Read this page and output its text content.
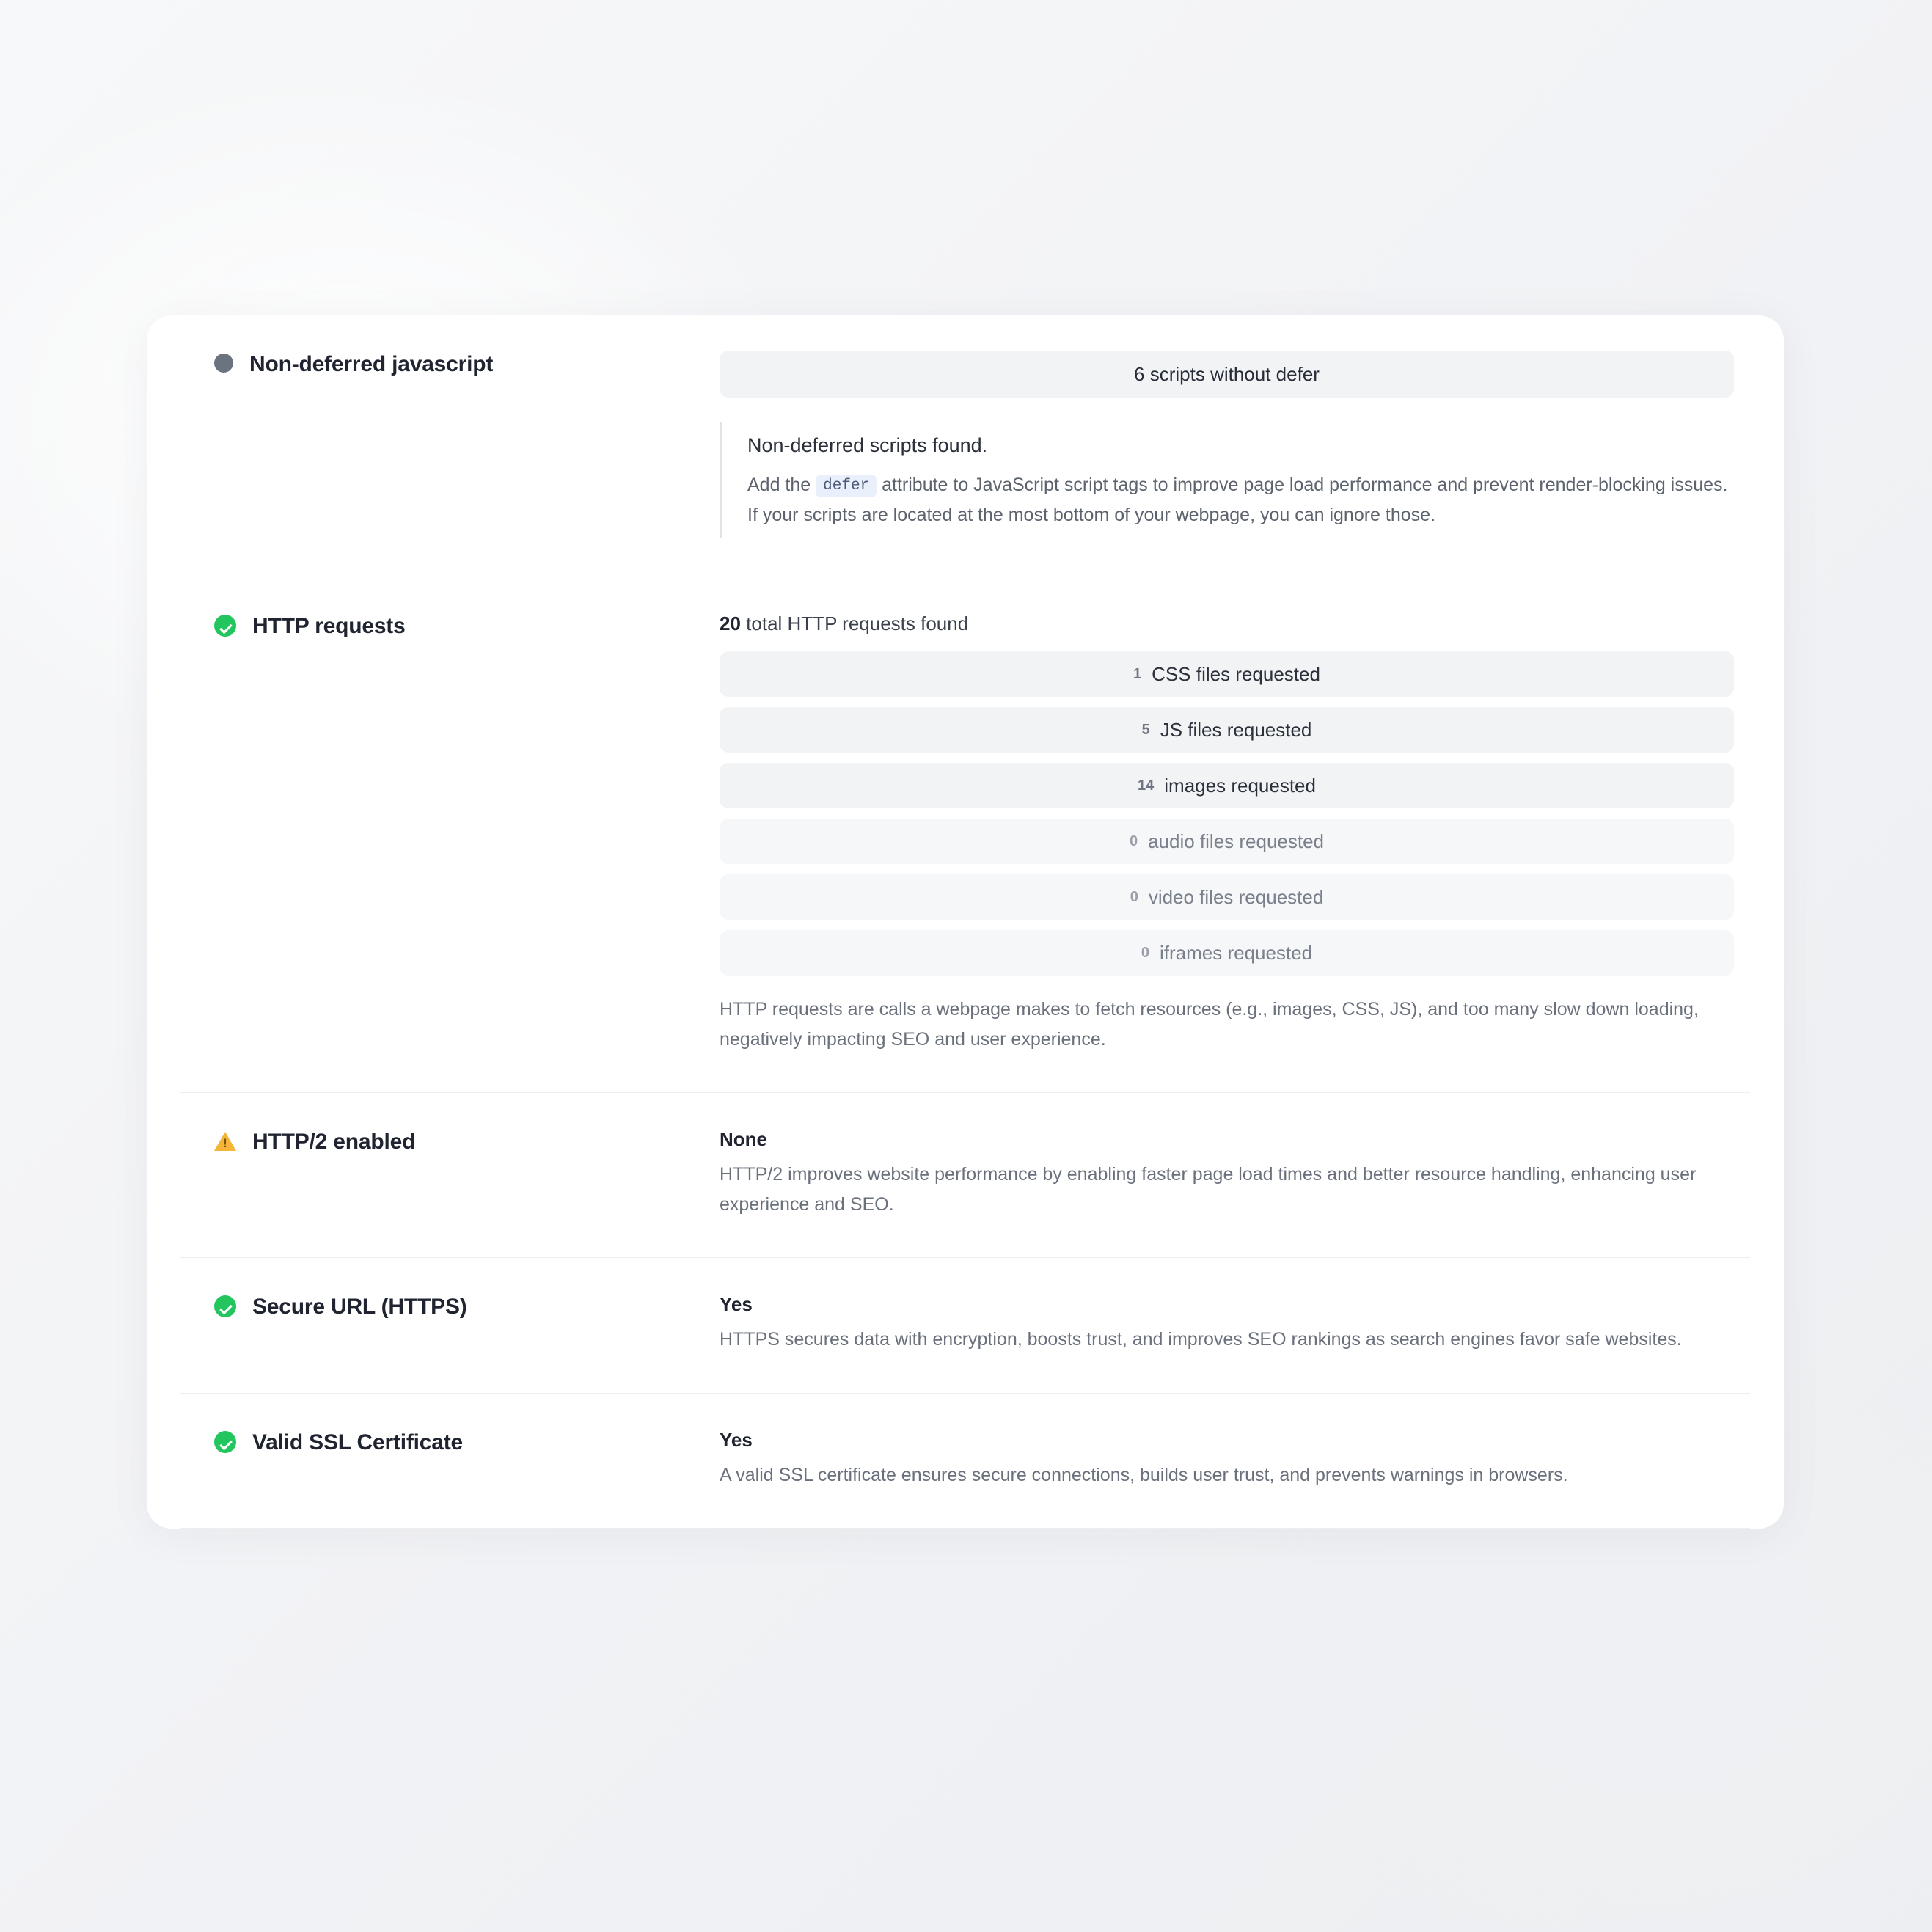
Non-deferred javascript	6 scripts without defer
Non-deferred scripts found.
Add the defer attribute to JavaScript script tags to improve page load performance and prevent render-blocking issues. If your scripts are located at the most bottom of your webpage, you can ignore those.
HTTP requests	20 total HTTP requests found
1 CSS files requested
5 JS files requested
14 images requested
0 audio files requested
0 video files requested
0 iframes requested
HTTP requests are calls a webpage makes to fetch resources (e.g., images, CSS, JS), and too many slow down loading, negatively impacting SEO and user experience.
HTTP/2 enabled	None
HTTP/2 improves website performance by enabling faster page load times and better resource handling, enhancing user experience and SEO.
Secure URL (HTTPS)	Yes
HTTPS secures data with encryption, boosts trust, and improves SEO rankings as search engines favor safe websites.
Valid SSL Certificate	Yes
A valid SSL certificate ensures secure connections, builds user trust, and prevents warnings in browsers.
